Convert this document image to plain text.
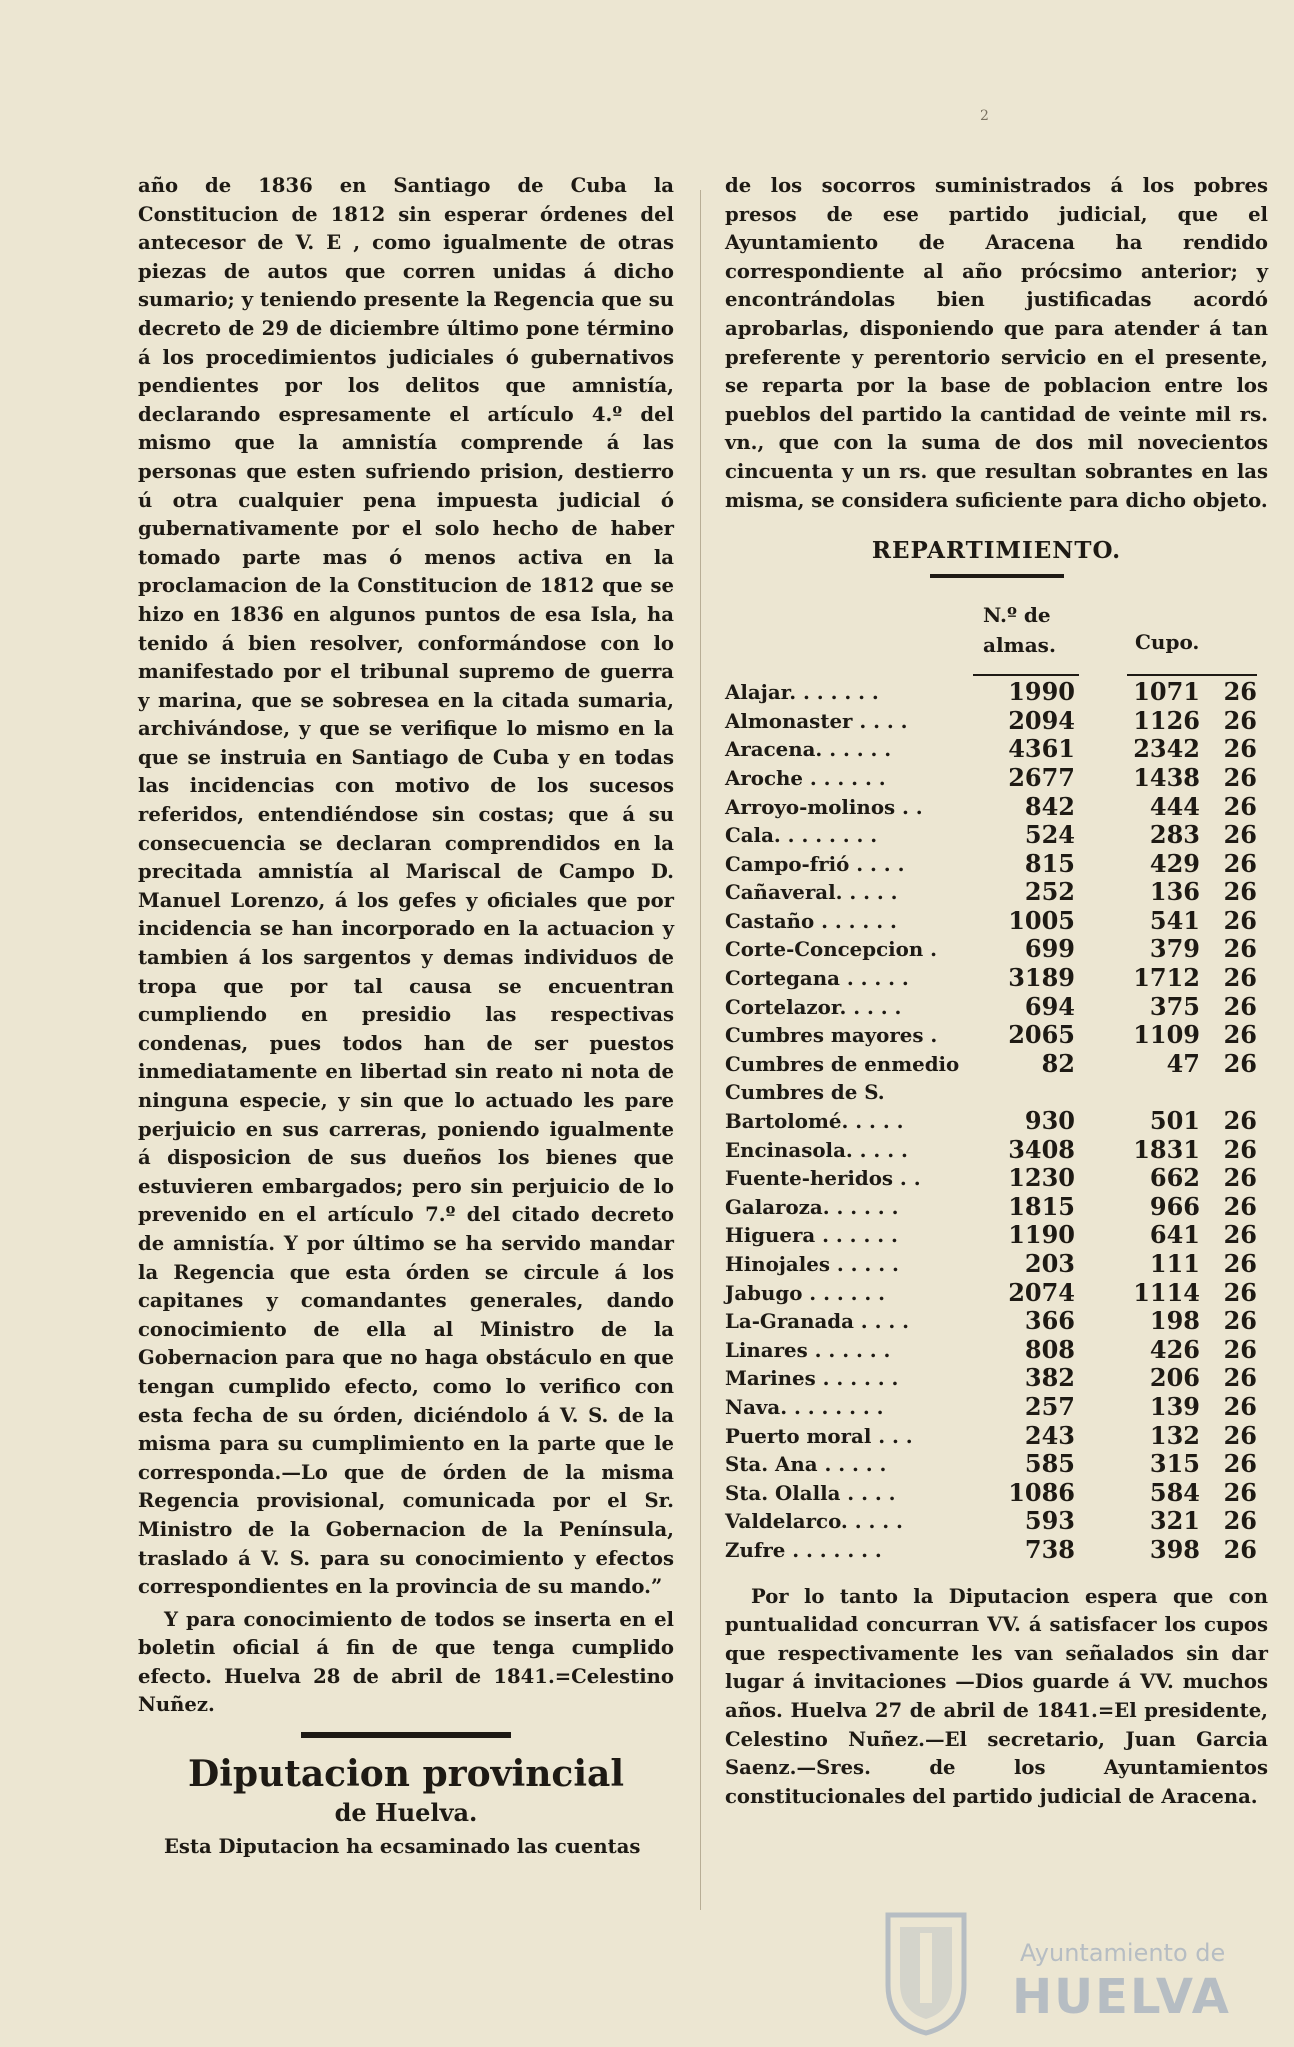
2

año de 1836 en Santiago de Cuba la Constitucion de 1812 sin esperar órdenes del antecesor de V. E , como igualmente de otras piezas de autos que corren unidas á dicho sumario; y teniendo presente la Regencia que su decreto de 29 de diciembre último pone término á los procedimientos judiciales ó gubernativos pendientes por los delitos que amnistía, declarando espresamente el artículo 4.º del mismo que la amnistía comprende á las personas que esten sufriendo prision, destierro ú otra cualquier pena impuesta judicial ó gubernativamente por el solo hecho de haber tomado parte mas ó menos activa en la proclamacion de la Constitucion de 1812 que se hizo en 1836 en algunos puntos de esa Isla, ha tenido á bien resolver, conformándose con lo manifestado por el tribunal supremo de guerra y marina, que se sobresea en la citada sumaria, archivándose, y que se verifique lo mismo en la que se instruia en Santiago de Cuba y en todas las incidencias con motivo de los sucesos referidos, entendiéndose sin costas; que á su consecuencia se declaran comprendidos en la precitada amnistía al Mariscal de Campo D. Manuel Lorenzo, á los gefes y oficiales que por incidencia se han incorporado en la actuacion y tambien á los sargentos y demas individuos de tropa que por tal causa se encuentran cumpliendo en presidio las respectivas condenas, pues todos han de ser puestos inmediatamente en libertad sin reato ni nota de ninguna especie, y sin que lo actuado les pare perjuicio en sus carreras, poniendo igualmente á disposicion de sus dueños los bienes que estuvieren embargados; pero sin perjuicio de lo prevenido en el artículo 7.º del citado decreto de amnistía. Y por último se ha servido mandar la Regencia que esta órden se circule á los capitanes y comandantes generales, dando conocimiento de ella al Ministro de la Gobernacion para que no haga obstáculo en que tengan cumplido efecto, como lo verifico con esta fecha de su órden, diciéndolo á V. S. de la misma para su cumplimiento en la parte que le corresponda.—Lo que de órden de la misma Regencia provisional, comunicada por el Sr. Ministro de la Gobernacion de la Península, traslado á V. S. para su conocimiento y efectos correspondientes en la provincia de su mando.”

Y para conocimiento de todos se inserta en el boletin oficial á fin de que tenga cumplido efecto. Huelva 28 de abril de 1841.=Celestino Nuñez.

Diputacion provincial
de Huelva.

Esta Diputacion ha ecsaminado las cuentas

de los socorros suministrados á los pobres presos de ese partido judicial, que el Ayuntamiento de Aracena ha rendido correspondiente al año prócsimo anterior; y encontrándolas bien justificadas acordó aprobarlas, disponiendo que para atender á tan preferente y perentorio servicio en el presente, se reparta por la base de poblacion entre los pueblos del partido la cantidad de veinte mil rs. vn., que con la suma de dos mil novecientos cincuenta y un rs. que resultan sobrantes en las misma, se considera suficiente para dicho objeto.

REPARTIMIENTO.
N.º de almas.	Cupo.
Alajar. . . . . . .	1990	1071 26
Almonaster . . . .	2094	1126 26
Aracena. . . . . .	4361	2342 26
Aroche . . . . . .	2677	1438 26
Arroyo-molinos . .	842	444 26
Cala. . . . . . . .	524	283 26
Campo-frió . . . .	815	429 26
Cañaveral. . . . .	252	136 26
Castaño . . . . . .	1005	541 26
Corte-Concepcion .	699	379 26
Cortegana . . . . .	3189	1712 26
Cortelazor. . . . .	694	375 26
Cumbres mayores .	2065	1109 26
Cumbres de enmedio	82	47 26
Cumbres de S. Bartolomé. . . . .	930	501 26
Encinasola. . . . .	3408	1831 26
Fuente-heridos . .	1230	662 26
Galaroza. . . . . .	1815	966 26
Higuera . . . . . .	1190	641 26
Hinojales . . . . .	203	111 26
Jabugo . . . . . .	2074	1114 26
La-Granada . . . .	366	198 26
Linares . . . . . .	808	426 26
Marines . . . . . .	382	206 26
Nava. . . . . . . .	257	139 26
Puerto moral . . .	243	132 26
Sta. Ana . . . . .	585	315 26
Sta. Olalla . . . .	1086	584 26
Valdelarco. . . . .	593	321 26
Zufre . . . . . . .	738	398 26

Por lo tanto la Diputacion espera que con puntualidad concurran VV. á satisfacer los cupos que respectivamente les van señalados sin dar lugar á invitaciones —Dios guarde á VV. muchos años. Huelva 27 de abril de 1841.=El presidente, Celestino Nuñez.—El secretario, Juan Garcia Saenz.—Sres. de los Ayuntamientos constitucionales del partido judicial de Aracena.

Ayuntamiento de
HUELVA
